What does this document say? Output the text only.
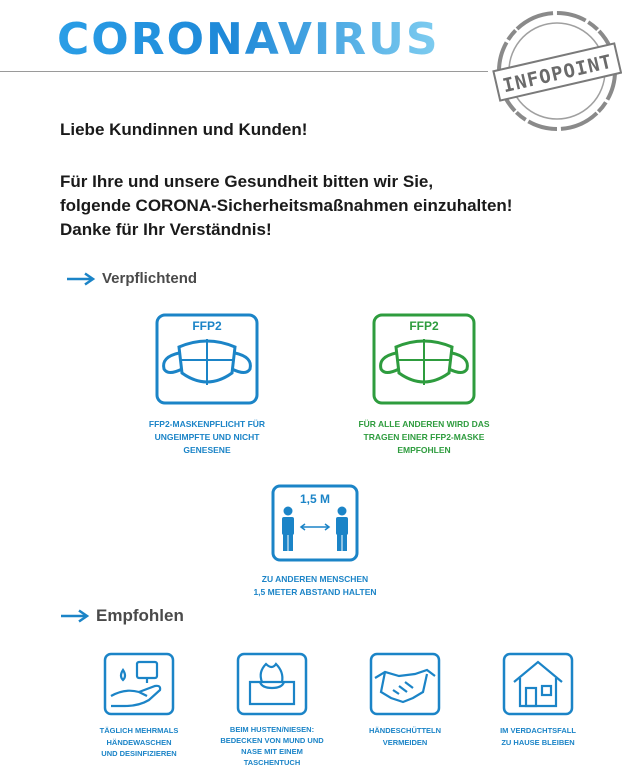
CORONAVIRUS
INFOPOINT

Liebe Kundinnen und Kunden!

Für Ihre und unsere Gesundheit bitten wir Sie,

folgende CORONA-Sicherheitsmaßnahmen einzuhalten!

Danke für Ihr Verständnis!

Verpflichtend
FFP2
FFP2-MASKENPFLICHT FÜR
UNGEIMPFTE UND NICHT
GENESENE
FFP2
FÜR ALLE ANDEREN WIRD DAS
TRAGEN EINER FFP2-MASKE
EMPFOHLEN
1,5 M
ZU ANDEREN MENSCHEN
1,5 METER ABSTAND HALTEN
Empfohlen
TÄGLICH MEHRMALS
HÄNDEWASCHEN
UND DESINFIZIEREN
BEIM HUSTEN/NIESEN:
BEDECKEN VON MUND UND
NASE MIT EINEM
TASCHENTUCH
HÄNDESCHÜTTELN
VERMEIDEN
IM VERDACHTSFALL
ZU HAUSE BLEIBEN
